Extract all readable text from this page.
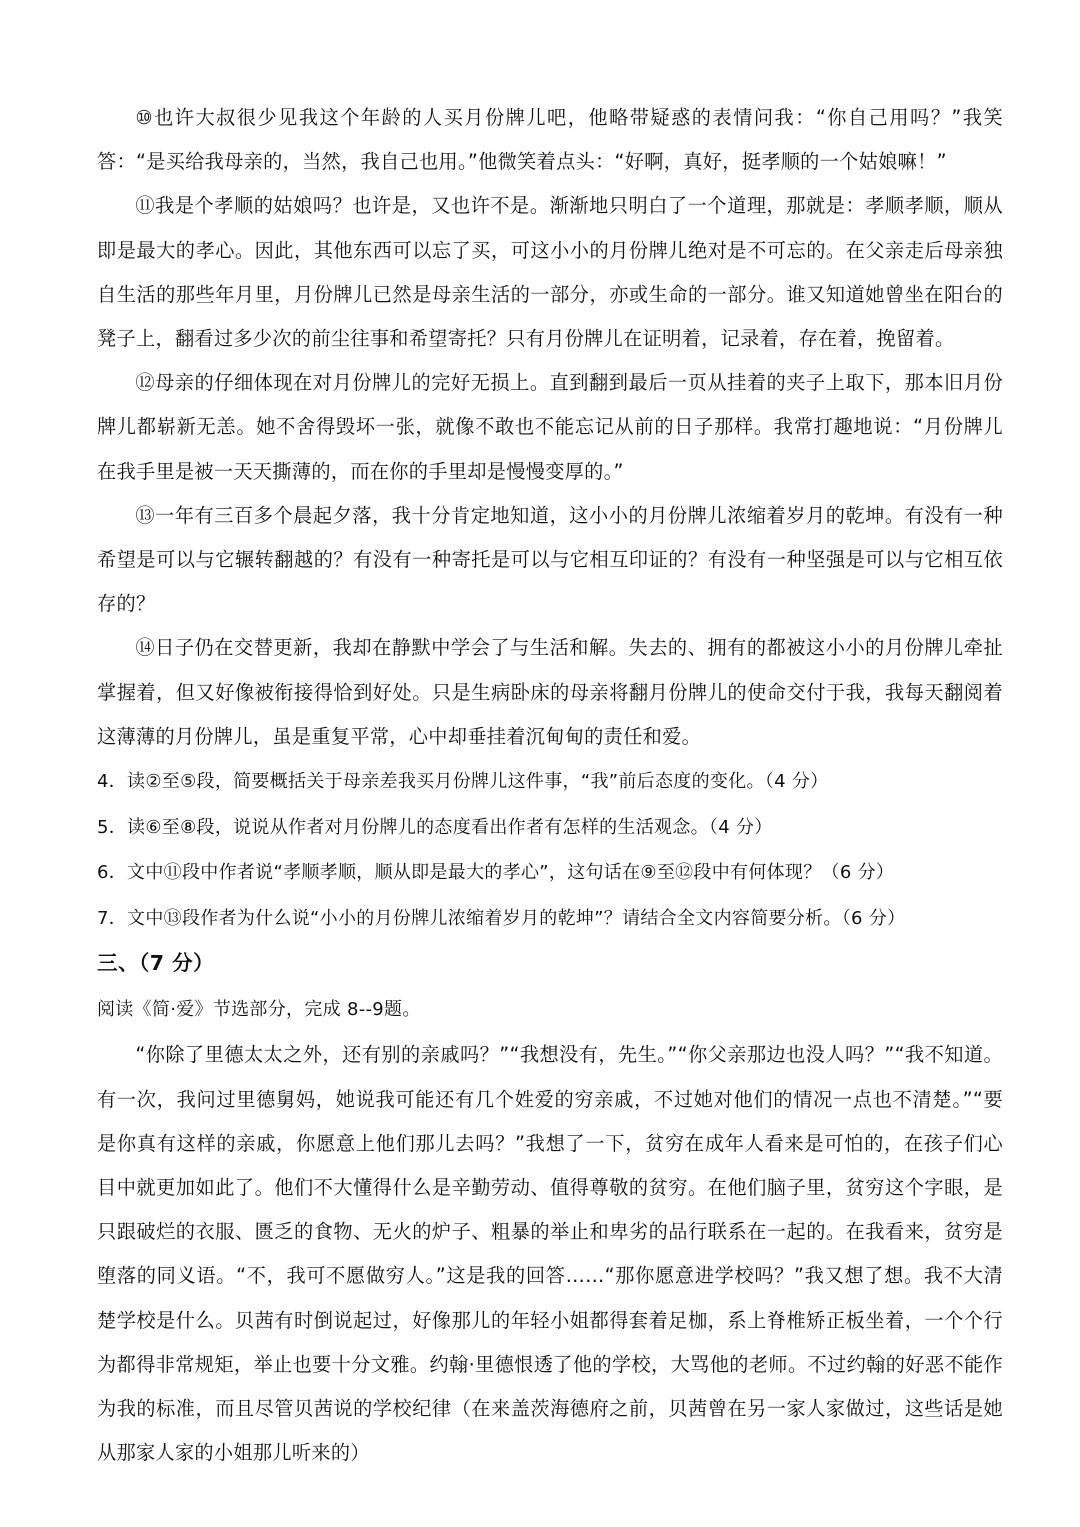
⑩也许大叔很少见我这个年龄的人买月份牌儿吧，他略带疑惑的表情问我：“你自己用吗？”我笑答：“是买给我母亲的，当然，我自己也用。”他微笑着点头：“好啊，真好，挺孝顺的一个姑娘嘛！”

⑪我是个孝顺的姑娘吗？也许是，又也许不是。渐渐地只明白了一个道理，那就是：孝顺孝顺，顺从即是最大的孝心。因此，其他东西可以忘了买，可这小小的月份牌儿绝对是不可忘的。在父亲走后母亲独自生活的那些年月里，月份牌儿已然是母亲生活的一部分，亦或生命的一部分。谁又知道她曾坐在阳台的凳子上，翻看过多少次的前尘往事和希望寄托？只有月份牌儿在证明着，记录着，存在着，挽留着。

⑫母亲的仔细体现在对月份牌儿的完好无损上。直到翻到最后一页从挂着的夹子上取下，那本旧月份牌儿都崭新无恙。她不舍得毁坏一张，就像不敢也不能忘记从前的日子那样。我常打趣地说：“月份牌儿在我手里是被一天天撕薄的，而在你的手里却是慢慢变厚的。”

⑬一年有三百多个晨起夕落，我十分肯定地知道，这小小的月份牌儿浓缩着岁月的乾坤。有没有一种希望是可以与它辗转翻越的？有没有一种寄托是可以与它相互印证的？有没有一种坚强是可以与它相互依存的？

⑭日子仍在交替更新，我却在静默中学会了与生活和解。失去的、拥有的都被这小小的月份牌儿牵扯掌握着，但又好像被衔接得恰到好处。只是生病卧床的母亲将翻月份牌儿的使命交付于我，我每天翻阅着这薄薄的月份牌儿，虽是重复平常，心中却垂挂着沉甸甸的责任和爱。

4．读②至⑤段，简要概括关于母亲差我买月份牌儿这件事，“我”前后态度的变化。（4 分）

5．读⑥至⑧段，说说从作者对月份牌儿的态度看出作者有怎样的生活观念。（4 分）

6．文中⑪段中作者说“孝顺孝顺，顺从即是最大的孝心”，这句话在⑨至⑫段中有何体现？（6 分）

7．文中⑬段作者为什么说“小小的月份牌儿浓缩着岁月的乾坤”？请结合全文内容简要分析。（6 分）

三、（7 分）

阅读《简·爱》节选部分，完成 8--9题。

“你除了里德太太之外，还有别的亲戚吗？”“我想没有，先生。”“你父亲那边也没人吗？”“我不知道。有一次，我问过里德舅妈，她说我可能还有几个姓爱的穷亲戚，不过她对他们的情况一点也不清楚。”“要是你真有这样的亲戚，你愿意上他们那儿去吗？”我想了一下，贫穷在成年人看来是可怕的，在孩子们心目中就更加如此了。他们不大懂得什么是辛勤劳动、值得尊敬的贫穷。在他们脑子里，贫穷这个字眼，是只跟破烂的衣服、匮乏的食物、无火的炉子、粗暴的举止和卑劣的品行联系在一起的。在我看来，贫穷是堕落的同义语。“不，我可不愿做穷人。”这是我的回答……“那你愿意进学校吗？”我又想了想。我不大清楚学校是什么。贝茜有时倒说起过，好像那儿的年轻小姐都得套着足枷，系上脊椎矫正板坐着，一个个行为都得非常规矩，举止也要十分文雅。约翰·里德恨透了他的学校，大骂他的老师。不过约翰的好恶不能作为我的标准，而且尽管贝茜说的学校纪律（在来盖茨海德府之前，贝茜曾在另一家人家做过，这些话是她从那家人家的小姐那儿听来的）
